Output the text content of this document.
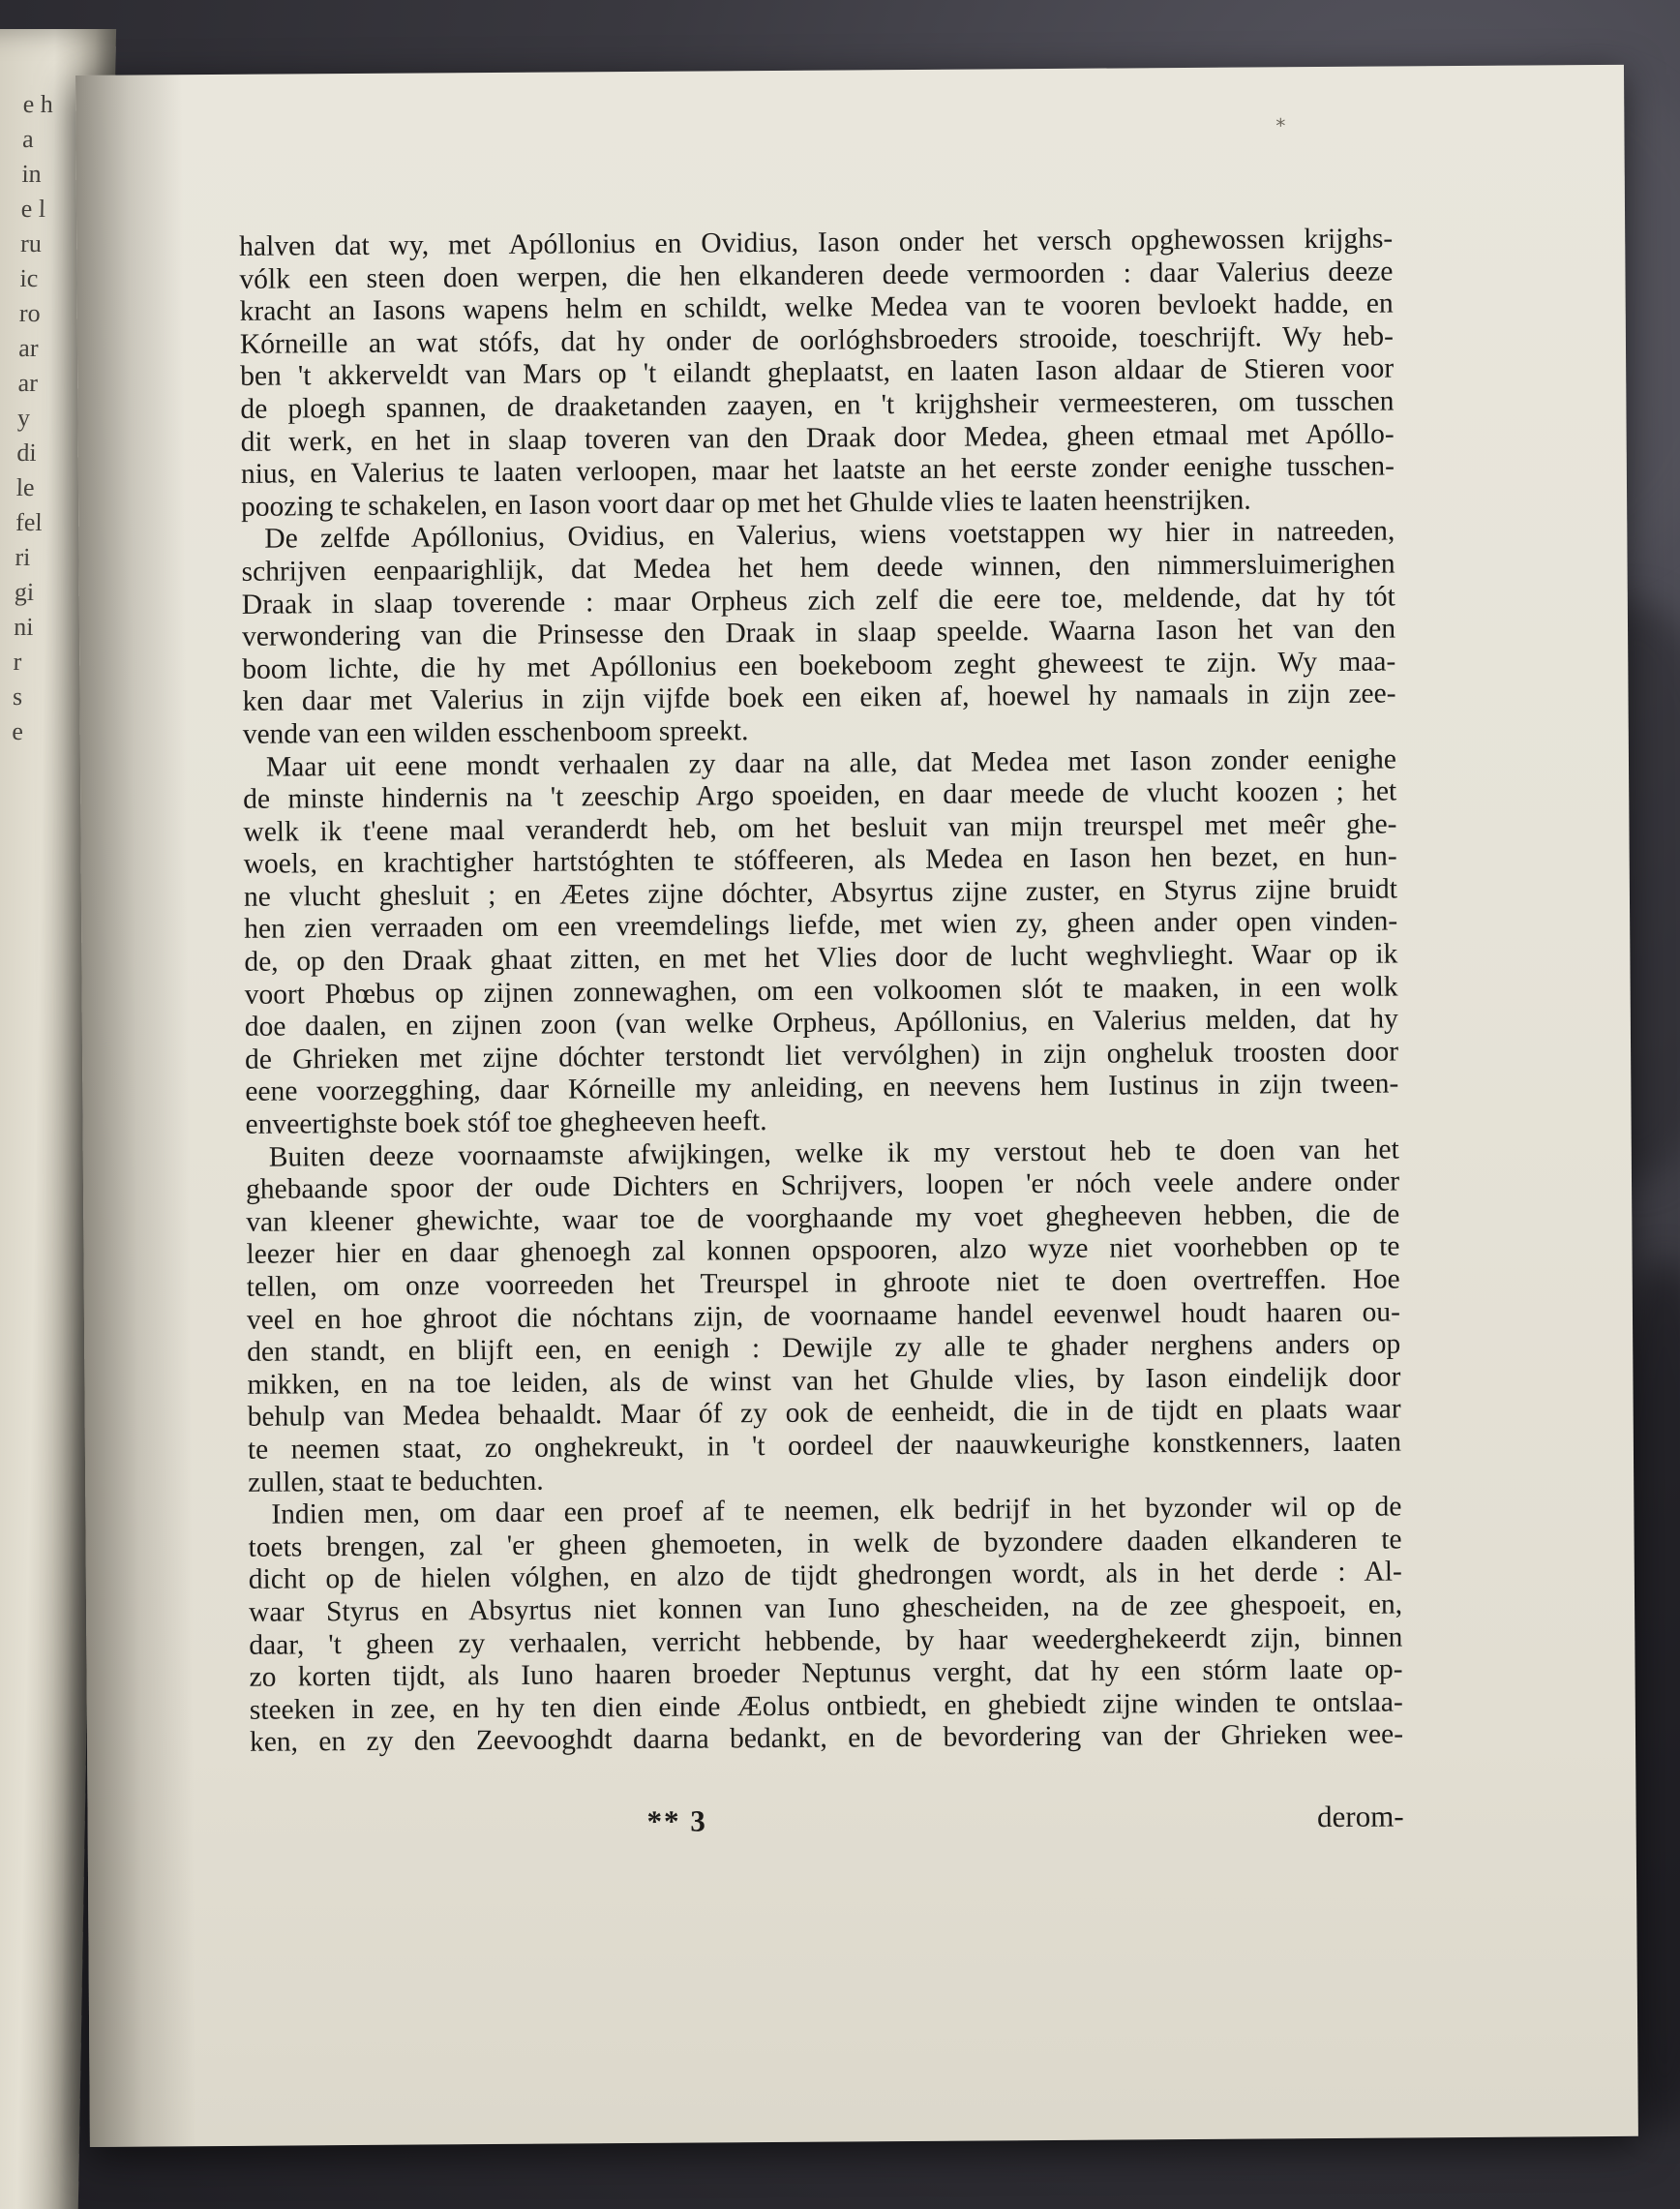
e h
a
in
e l
ru
ic
ro
ar
ar
y
di
le
fel
ri
gi
ni
r
s
e
⁎
halven dat wy, met Apóllonius en Ovidius, Iason onder het versch opghewossen krijghs-
vólk een steen doen werpen, die hen elkanderen deede vermoorden : daar Valerius deeze
kracht an Iasons wapens helm en schildt, welke Medea van te vooren bevloekt hadde, en
Kórneille an wat stófs, dat hy onder de oorlóghsbroeders strooide, toeschrijft. Wy heb-
ben 't akkerveldt van Mars op 't eilandt gheplaatst, en laaten Iason aldaar de Stieren voor
de ploegh spannen, de draaketanden zaayen, en 't krijghsheir vermeesteren, om tusschen
dit werk, en het in slaap toveren van den Draak door Medea, gheen etmaal met Apóllo-
nius, en Valerius te laaten verloopen, maar het laatste an het eerste zonder eenighe tusschen-
poozing te schakelen, en Iason voort daar op met het Ghulde vlies te laaten heenstrijken.
De zelfde Apóllonius, Ovidius, en Valerius, wiens voetstappen wy hier in natreeden,
schrijven eenpaarighlijk, dat Medea het hem deede winnen, den nimmersluimerighen
Draak in slaap toverende : maar Orpheus zich zelf die eere toe, meldende, dat hy tót
verwondering van die Prinsesse den Draak in slaap speelde. Waarna Iason het van den
boom lichte, die hy met Apóllonius een boekeboom zeght gheweest te zijn. Wy maa-
ken daar met Valerius in zijn vijfde boek een eiken af, hoewel hy namaals in zijn zee-
vende van een wilden esschenboom spreekt.
Maar uit eene mondt verhaalen zy daar na alle, dat Medea met Iason zonder eenighe
de minste hindernis na 't zeeschip Argo spoeiden, en daar meede de vlucht koozen ; het
welk ik t'eene maal veranderdt heb, om het besluit van mijn treurspel met meêr ghe-
woels, en krachtigher hartstóghten te stóffeeren, als Medea en Iason hen bezet, en hun-
ne vlucht ghesluit ; en Æetes zijne dóchter, Absyrtus zijne zuster, en Styrus zijne bruidt
hen zien verraaden om een vreemdelings liefde, met wien zy, gheen ander open vinden-
de, op den Draak ghaat zitten, en met het Vlies door de lucht weghvlieght. Waar op ik
voort Phœbus op zijnen zonnewaghen, om een volkoomen slót te maaken, in een wolk
doe daalen, en zijnen zoon (van welke Orpheus, Apóllonius, en Valerius melden, dat hy
de Ghrieken met zijne dóchter terstondt liet vervólghen) in zijn ongheluk troosten door
eene voorzegghing, daar Kórneille my anleiding, en neevens hem Iustinus in zijn tween-
enveertighste boek stóf toe ghegheeven heeft.
Buiten deeze voornaamste afwijkingen, welke ik my verstout heb te doen van het
ghebaande spoor der oude Dichters en Schrijvers, loopen 'er nóch veele andere onder
van kleener ghewichte, waar toe de voorghaande my voet ghegheeven hebben, die de
leezer hier en daar ghenoegh zal konnen opspooren, alzo wyze niet voorhebben op te
tellen, om onze voorreeden het Treurspel in ghroote niet te doen overtreffen. Hoe
veel en hoe ghroot die nóchtans zijn, de voornaame handel eevenwel houdt haaren ou-
den standt, en blijft een, en eenigh : Dewijle zy alle te ghader nerghens anders op
mikken, en na toe leiden, als de winst van het Ghulde vlies, by Iason eindelijk door
behulp van Medea behaaldt. Maar óf zy ook de eenheidt, die in de tijdt en plaats waar
te neemen staat, zo onghekreukt, in 't oordeel der naauwkeurighe konstkenners, laaten
zullen, staat te beduchten.
Indien men, om daar een proef af te neemen, elk bedrijf in het byzonder wil op de
toets brengen, zal 'er gheen ghemoeten, in welk de byzondere daaden elkanderen te
dicht op de hielen vólghen, en alzo de tijdt ghedrongen wordt, als in het derde : Al-
waar Styrus en Absyrtus niet konnen van Iuno ghescheiden, na de zee ghespoeit, en,
daar, 't gheen zy verhaalen, verricht hebbende, by haar weederghekeerdt zijn, binnen
zo korten tijdt, als Iuno haaren broeder Neptunus verght, dat hy een stórm laate op-
steeken in zee, en hy ten dien einde Æolus ontbiedt, en ghebiedt zijne winden te ontslaa-
ken, en zy den Zeevooghdt daarna bedankt, en de bevordering van der Ghrieken wee-
** 3	derom-
